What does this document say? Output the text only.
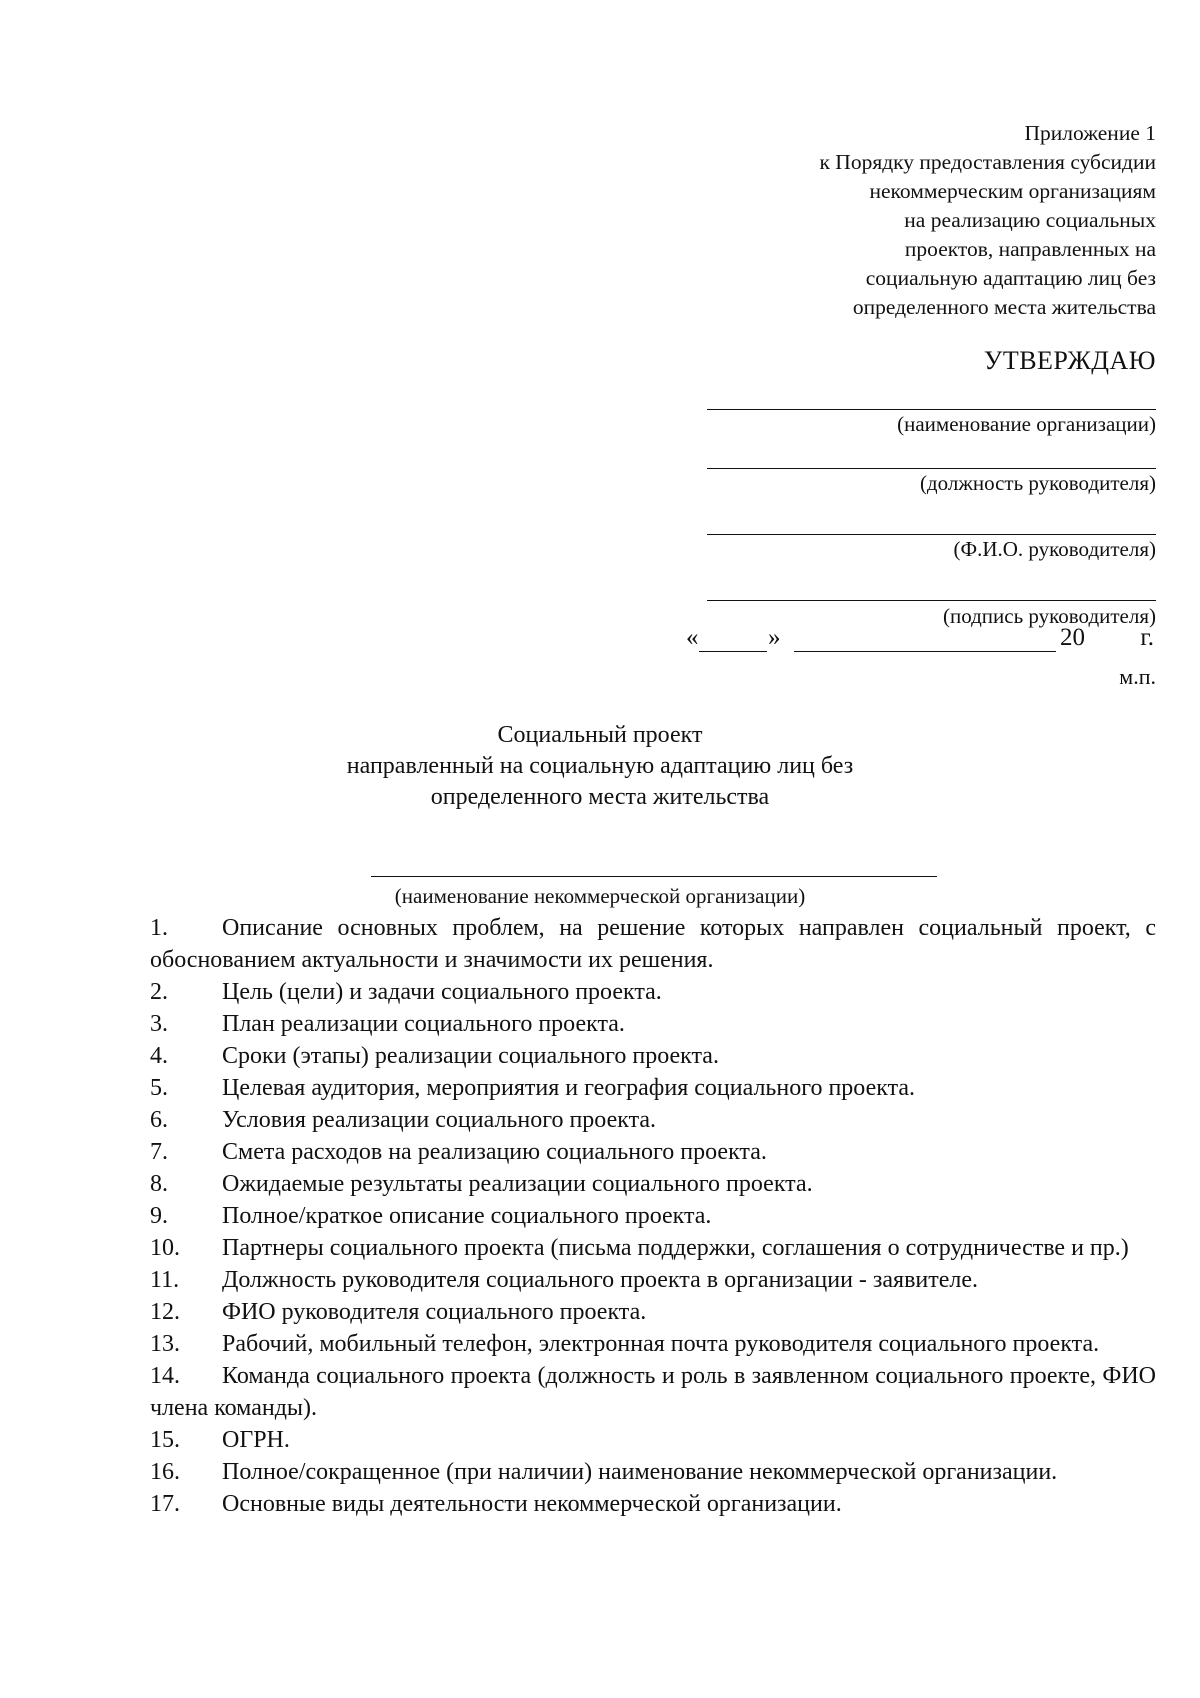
Приложение 1
к Порядку предоставления субсидии
некоммерческим организациям
на реализацию социальных
проектов, направленных на
социальную адаптацию лиц без
определенного места жительства
УТВЕРЖДАЮ
(наименование организации)
(должность руководителя)
(Ф.И.О. руководителя)
(подпись руководителя)
«	»	20 г.
м.п.
Социальный проект
направленный на социальную адаптацию лиц без
определенного места жительства
(наименование некоммерческой организации)
1. Описание основных проблем, на решение которых направлен социальный проект, с обоснованием актуальности и значимости их решения.
2. Цель (цели) и задачи социального проекта.
3. План реализации социального проекта.
4. Сроки (этапы) реализации социального проекта.
5. Целевая аудитория, мероприятия и география социального проекта.
6. Условия реализации социального проекта.
7. Смета расходов на реализацию социального проекта.
8. Ожидаемые результаты реализации социального проекта.
9. Полное/краткое описание социального проекта.
10. Партнеры социального проекта (письма поддержки, соглашения о сотрудничестве и пр.)
11. Должность руководителя социального проекта в организации - заявителе.
12. ФИО руководителя социального проекта.
13. Рабочий, мобильный телефон, электронная почта руководителя социального проекта.
14. Команда социального проекта (должность и роль в заявленном социального проекте, ФИО члена команды).
15. ОГРН.
16. Полное/сокращенное (при наличии) наименование некоммерческой организации.
17. Основные виды деятельности некоммерческой организации.
